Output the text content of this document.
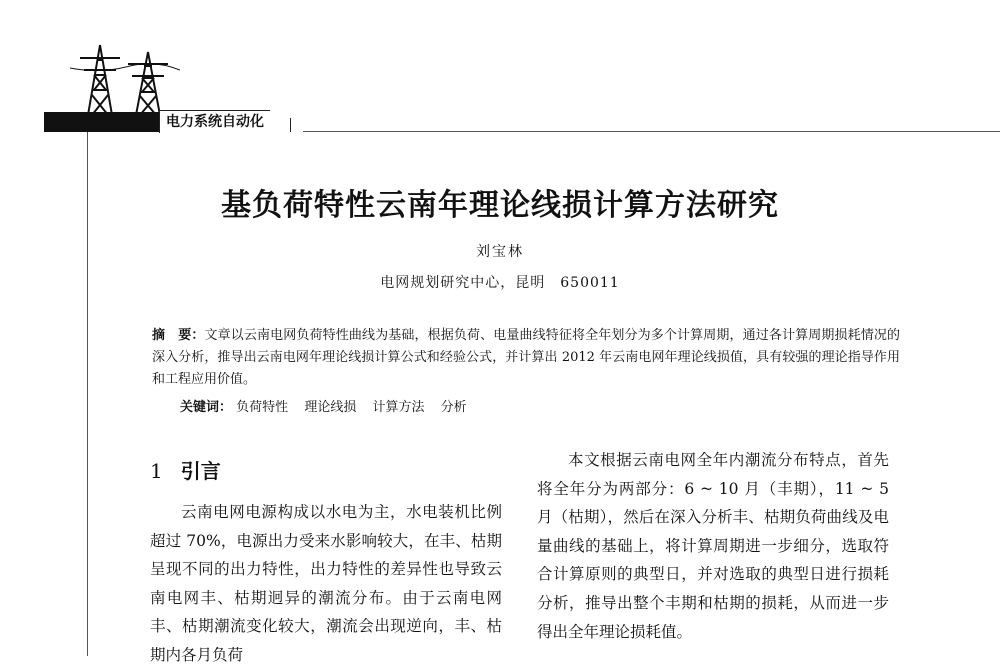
电力系统自动化
基负荷特性云南年理论线损计算方法研究
刘宝林
电网规划研究中心，昆明　650011
摘　要：文章以云南电网负荷特性曲线为基础，根据负荷、电量曲线特征将全年划分为多个计算周期，通过各计算周期损耗情况的深入分析，推导出云南电网年理论线损计算公式和经验公式，并计算出 2012 年云南电网年理论线损值，具有较强的理论指导作用和工程应用价值。
关键词： 负荷特性 理论线损 计算方法 分析
1 引言
云南电网电源构成以水电为主，水电装机比例超过 70%，电源出力受来水影响较大，在丰、枯期呈现不同的出力特性，出力特性的差异性也导致云南电网丰、枯期迥异的潮流分布。由于云南电网丰、枯期潮流变化较大，潮流会出现逆向，丰、枯期内各月负荷
本文根据云南电网全年内潮流分布特点，首先将全年分为两部分：6 ~ 10 月（丰期），11 ~ 5 月（枯期），然后在深入分析丰、枯期负荷曲线及电量曲线的基础上，将计算周期进一步细分，选取符合计算原则的典型日，并对选取的典型日进行损耗分析，推导出整个丰期和枯期的损耗，从而进一步得出全年理论损耗值。
